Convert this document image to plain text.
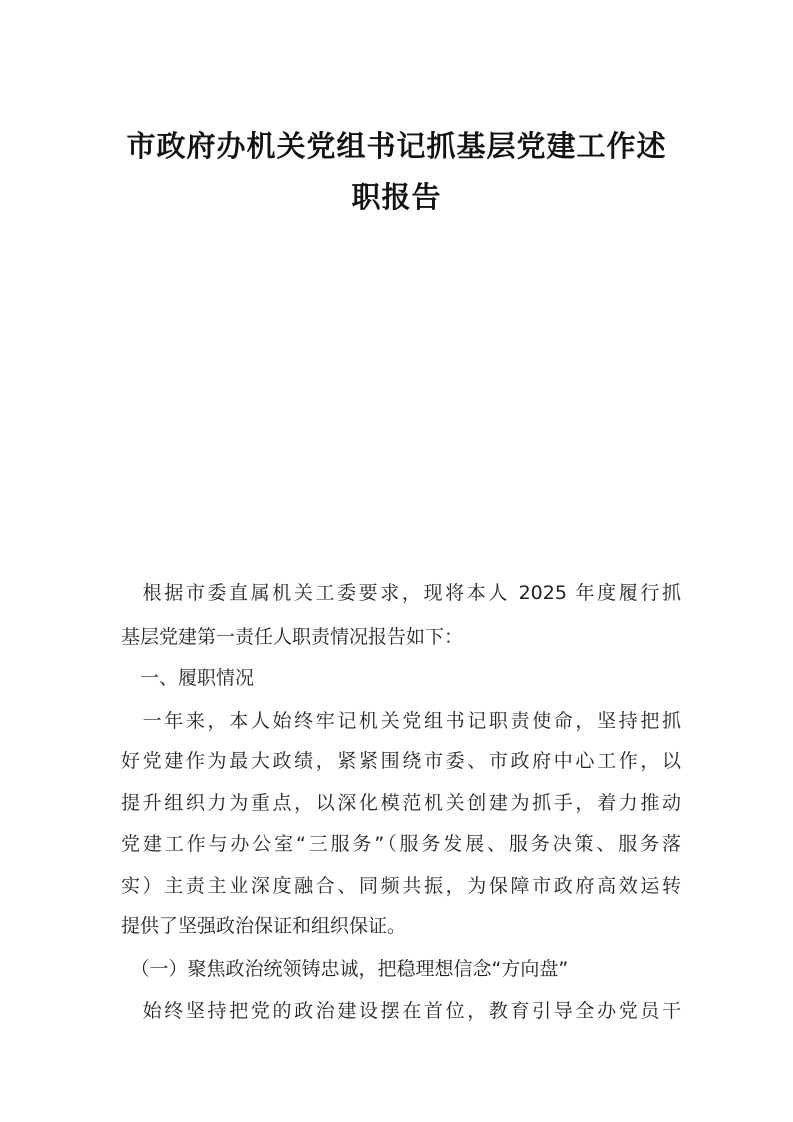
市政府办机关党组书记抓基层党建工作述
职报告
　根据市委直属机关工委要求，现将本人 2025 年度履行抓
基层党建第一责任人职责情况报告如下：
　一、履职情况
　一年来，本人始终牢记机关党组书记职责使命，坚持把抓
好党建作为最大政绩，紧紧围绕市委、市政府中心工作，以
提升组织力为重点，以深化模范机关创建为抓手，着力推动
党建工作与办公室“三服务”（服务发展、服务决策、服务落
实）主责主业深度融合、同频共振，为保障市政府高效运转
提供了坚强政治保证和组织保证。
　（一）聚焦政治统领铸忠诚，把稳理想信念“方向盘”
　始终坚持把党的政治建设摆在首位，教育引导全办党员干
